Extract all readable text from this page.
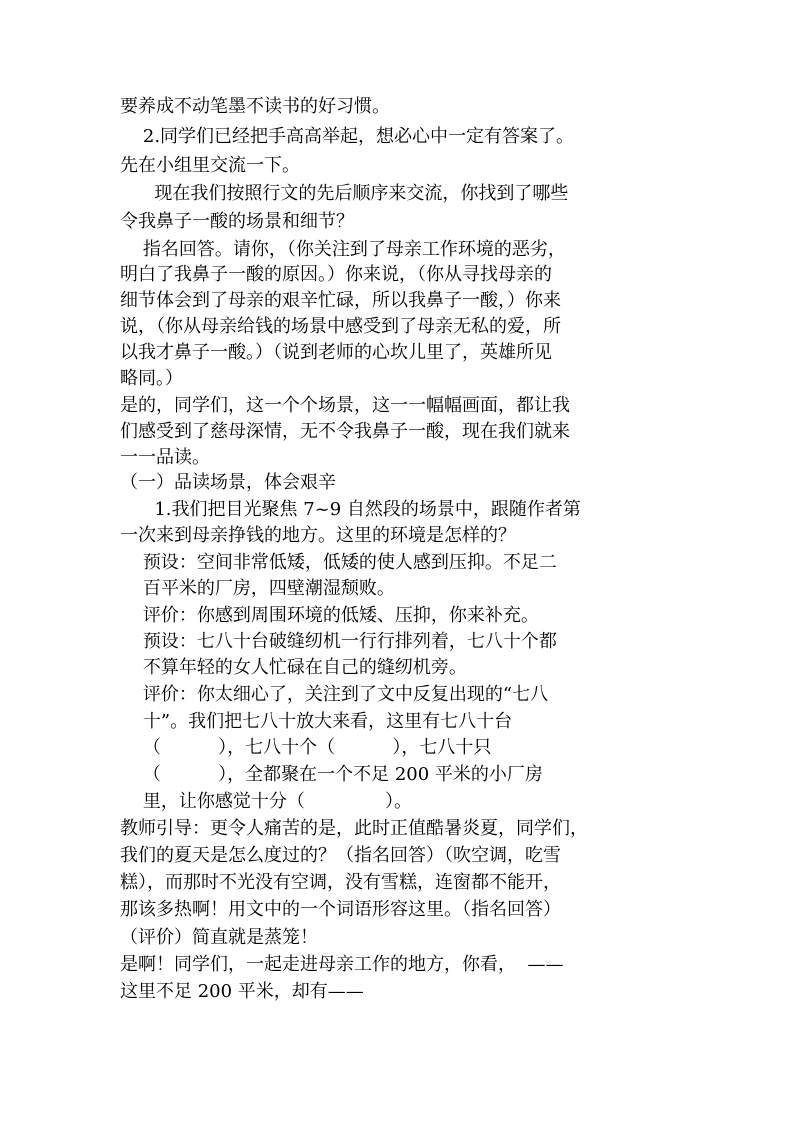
要养成不动笔墨不读书的好习惯。
2.同学们已经把手高高举起，想必心中一定有答案了。
先在小组里交流一下。
现在我们按照行文的先后顺序来交流，你找到了哪些
令我鼻子一酸的场景和细节？
指名回答。请你，（你关注到了母亲工作环境的恶劣，
明白了我鼻子一酸的原因。）你来说，（你从寻找母亲的
细节体会到了母亲的艰辛忙碌，所以我鼻子一酸，）你来
说，（你从母亲给钱的场景中感受到了母亲无私的爱，所
以我才鼻子一酸。）（说到老师的心坎儿里了，英雄所见
略同。）
是的，同学们，这一个个场景，这一一幅幅画面，都让我
们感受到了慈母深情，无不令我鼻子一酸，现在我们就来
一一品读。
（一）品读场景，体会艰辛
1.我们把目光聚焦 7~9 自然段的场景中，跟随作者第
一次来到母亲挣钱的地方。这里的环境是怎样的？
预设：空间非常低矮，低矮的使人感到压抑。不足二
百平米的厂房，四壁潮湿颓败。
评价：你感到周围环境的低矮、压抑，你来补充。
预设：七八十台破缝纫机一行行排列着，七八十个都
不算年轻的女人忙碌在自己的缝纫机旁。
评价：你太细心了，关注到了文中反复出现的“七八
十”。我们把七八十放大来看，这里有七八十台
（          ），七八十个（          ），七八十只
（          ），全都聚在一个不足 200 平米的小厂房
里，让你感觉十分（              ）。
教师引导：更令人痛苦的是，此时正值酷暑炎夏，同学们，
我们的夏天是怎么度过的？（指名回答）（吹空调，吃雪
糕），而那时不光没有空调，没有雪糕，连窗都不能开，
那该多热啊！用文中的一个词语形容这里。（指名回答）
（评价）简直就是蒸笼！
是啊！同学们，一起走进母亲工作的地方，你看，  ——
这里不足 200 平米，却有——
